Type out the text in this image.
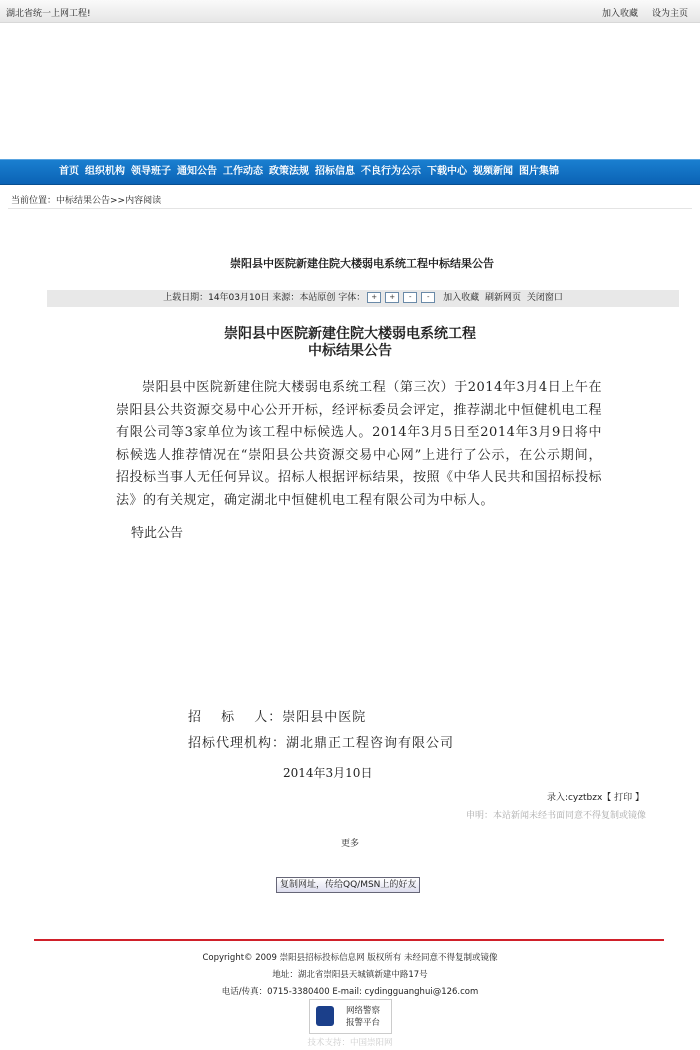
湖北省统一上网工程!	加入收藏 设为主页
首页 组织机构 领导班子 通知公告 工作动态 政策法规 招标信息 不良行为公示 下载中心 视频新闻 图片集锦
当前位置：中标结果公告>>内容阅读
崇阳县中医院新建住院大楼弱电系统工程中标结果公告
上载日期：14年03月10日 来源：本站原创 字体： + + - - 加入收藏 刷新网页 关闭窗口
崇阳县中医院新建住院大楼弱电系统工程
中标结果公告
崇阳县中医院新建住院大楼弱电系统工程（第三次）于2014年3月4日上午在崇阳县公共资源交易中心公开开标，经评标委员会评定，推荐湖北中恒健机电工程有限公司等3家单位为该工程中标候选人。2014年3月5日至2014年3月9日将中标候选人推荐情况在“崇阳县公共资源交易中心网”上进行了公示，在公示期间，招投标当事人无任何异议。招标人根据评标结果，按照《中华人民共和国招标投标法》的有关规定，确定湖北中恒健机电工程有限公司为中标人。
特此公告
招　 标　 人：崇阳县中医院
招标代理机构：湖北鼎正工程咨询有限公司
2014年3月10日
录入:cyztbzx【 打印 】
申明：本站新闻未经书面同意不得复制或镜像
更多
复制网址，传给QQ/MSN上的好友
Copyright© 2009 崇阳县招标投标信息网 版权所有 未经同意不得复制或镜像
地址：湖北省崇阳县天城镇新建中路17号
电话/传真：0715-3380400 E-mail: cydingguanghui@126.com
网络警察
报警平台
技术支持：中国崇阳网
